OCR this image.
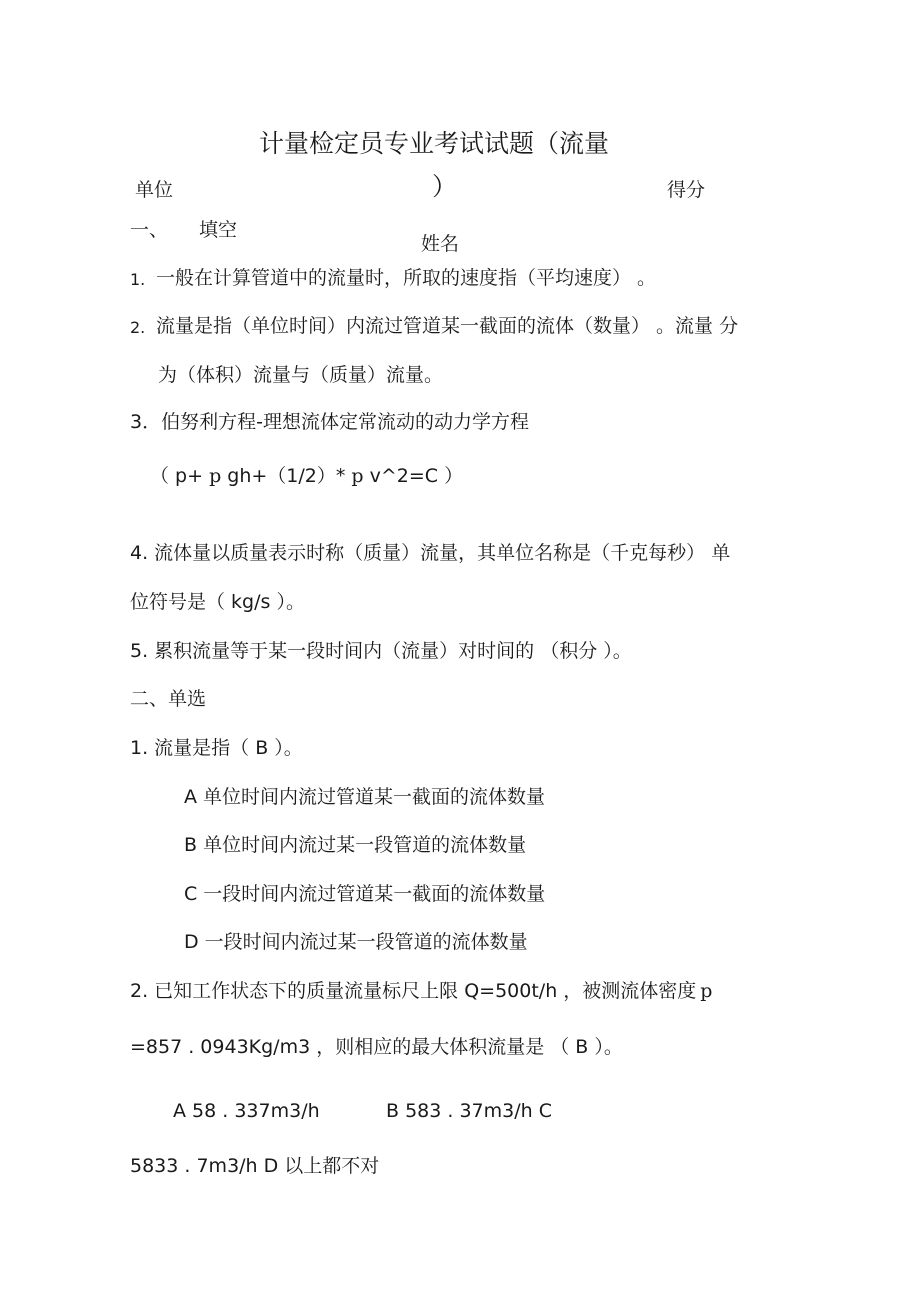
计量检定员专业考试试题（流量
）
单位	得分
姓名
一、 填空
1. 一般在计算管道中的流量时，所取的速度指（平均速度） 。
2. 流量是指（单位时间）内流过管道某一截面的流体（数量） 。流量 分
为（体积）流量与（质量）流量。
3．伯努利方程-理想流体定常流动的动力学方程
（ p+ p gh+（1/2）* p v^2=C ）
4. 流体量以质量表示时称（质量）流量，其单位名称是（千克每秒） 单
位符号是（ kg/s ）。
5. 累积流量等于某一段时间内（流量）对时间的 （积分 ）。
二、单选
1. 流量是指（ B ）。
A 单位时间内流过管道某一截面的流体数量
B 单位时间内流过某一段管道的流体数量
C 一段时间内流过管道某一截面的流体数量
D 一段时间内流过某一段管道的流体数量
2. 已知工作状态下的质量流量标尺上限 Q=500t/h ，被测流体密度 p
=857 . 0943Kg/m3 ，则相应的最大体积流量是 （ B ）。
A 58 . 337m3/h	B 583 . 37m3/h C
5833 . 7m3/h D 以上都不对
